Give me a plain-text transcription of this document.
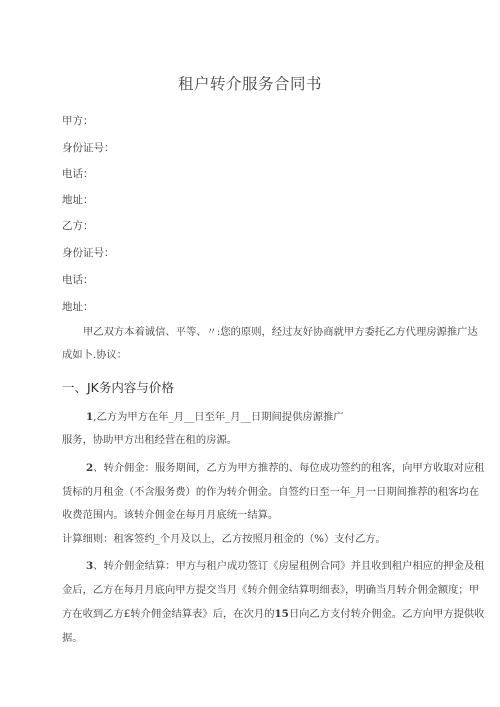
租户转介服务合同书
甲方：
身份证号：
电话：
地址：
乙方：
身份证号：
电话：
地址：
甲乙双方本着诚信、平等、〃:您的原则，经过友好协商就甲方委托乙方代理房源推广达
成如卜.协议：
一、JK务内容与价格
1,乙方为甲方在年_月__日至年_月__日期间提供房源推广
服务，协助甲方出租经营在租的房源。
2、转介佣金：服务期间，乙方为甲方推荐的、每位成功签约的租客，向甲方收取对应租
赁标的月租金（不含服务费）的作为转介佣金。自签约日至一年_月一日期间推荐的租客均在
收费范围内。该转介佣金在每月月底统一结算。
计算细则：租客签约_个月及以上，乙方按照月租金的（%）支付乙方。
3、转介佣金结算：甲方与租户成功签订《房屋租例合同》并且收到租户相应的押金及租
金后，乙方在每月月底向甲方提交当月《转介佣金结算明细表》，明确当月转介佣金额度；甲
方在收到乙方£转介佣金结算表》后，在次月的15日向乙方支付转介佣金。乙方向甲方提供收
据。
